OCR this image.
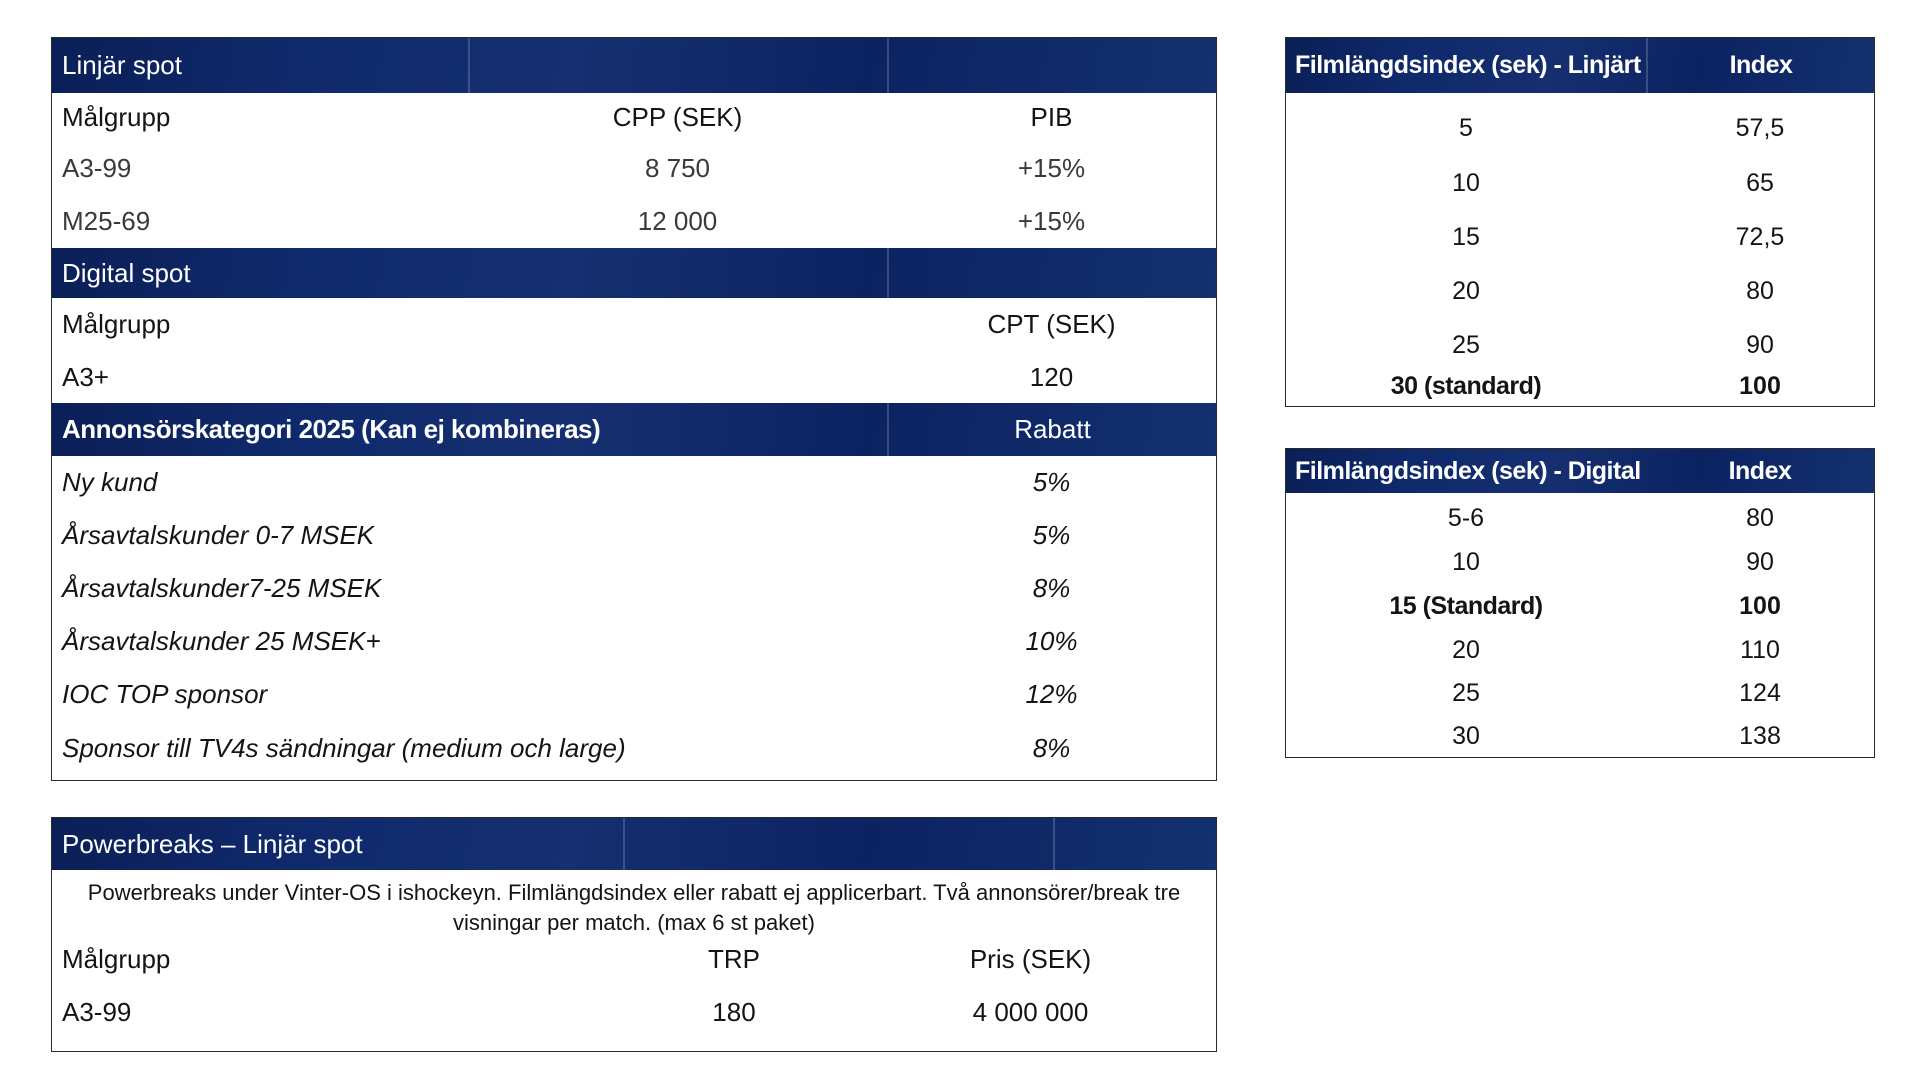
Linjär spot
Målgrupp	CPP (SEK)	PIB
A3-99	8 750	+15%
M25-69	12 000	+15%
Digital spot
Målgrupp	CPT (SEK)
A3+	120
Annonsörskategori 2025 (Kan ej kombineras)	Rabatt
Ny kund	5%
Årsavtalskunder 0-7 MSEK	5%
Årsavtalskunder7-25 MSEK	8%
Årsavtalskunder 25 MSEK+	10%
IOC TOP sponsor	12%
Sponsor till TV4s sändningar (medium och large)	8%
Powerbreaks – Linjär spot
Powerbreaks under Vinter-OS i ishockeyn. Filmlängdsindex eller rabatt ej applicerbart. Två annonsörer/break tre visningar per match. (max 6 st paket)
Målgrupp	TRP	Pris (SEK)
A3-99	180	4 000 000
Filmlängdsindex (sek) - Linjärt	Index
5	57,5
10	65
15	72,5
20	80
25	90
30 (standard)	100
Filmlängdsindex (sek) - Digital	Index
5-6	80
10	90
15 (Standard)	100
20	110
25	124
30	138
